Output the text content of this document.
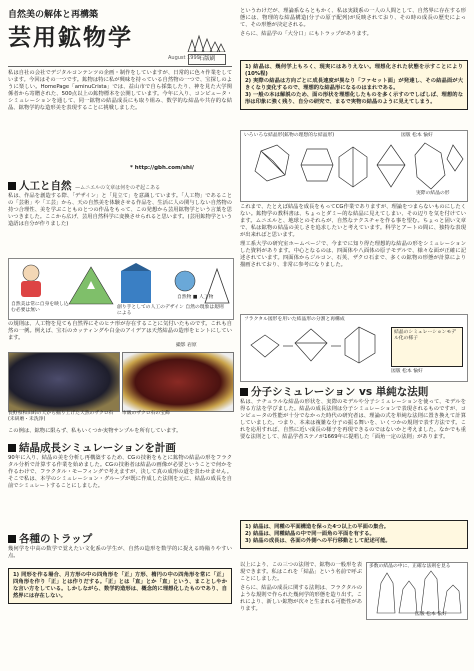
自然美の解体と再構築
芸用鉱物学
August 1999
石版刷

私は自社の会社でデジタルコンテンツの企画・制作をしていますが、日常的に色々作業をしています。今回はその一つです。鉱物は特に私が興味を持っている自然物の一つで、宝探しのように楽しい。HomePage「aminuCrista」では、益山市で自ら採集したり、神を見た大学関係者から寄贈された、500点以上の鉱物標本を公開しています。今年に入り、コンピュータ・シミュレーションを通して、同一鉱物の結晶成長にも取り組み、数学的な結晶や共存的な結晶、鉱物学的な造形美を表現することに挑戦しました。

* http://gbh.com/shi/
人工と自然 —ムニエルの文章は何をのぞ起こある

私は、作品を創造する際、「デザイン」と「見立て」を意識しています。「人工物」であることの「芸術」や「工芸」から、天の自然美を体験させる作品を、生活に人の関与しない自然物の持つ合理性、美を学ぶことものとつの作品をもって、この発想から芸用鉱物学という言葉を思いつきました。ここから広げ、芸用自然科学に変換させられると思います。(芸用鉱物学という造語は自分が作りました)

自然美は常に自身を映し込む必要は無い
創り手としての人工のデザイン 自然の現象は規則による
自然物 ■ 人工物

の規則は、人工物を見ても自然界にそのヒナ形が存在することに気付いたものです。これも自然の一例。例えば、宝石のカッティングや白金のアイデアは天然結晶の造形をヒントにしています。

撮影 岩原
長野県和田峠の天から掘り上げた天然のザクロ石(未研磨・未洗浄)
市販のザクロ石の宝飾

この例は、鉱物に限らず、私もいくつか実物サンプルを所有しています。

結晶成長シミュレーションを計画

90年に入り、結晶の美を分析し再構築するため、CGの技術をもとに鉱物の結晶の形をフラクタル分析で計算する作業を始めました。CGの技術者は結晶の画像が必要ということで何かを作るわけで、フラクタル・モーフィングで考えますが、決して真の成形の道を表わせません。そこで私は、本学のシミュレーション・グループが既に作成した法則を元に、結晶の成長を自前でシミュレートすることにしました。

各種のトラップ

幾何学を中高の数学で覚えたい文化系の学生が、自然の造形を数学的に捉える時陥りやすい点。

1) 同形を作る場合、月方形の中の四角形を「正」方形、楕円の中の四角形を常に「正」四角形を作り「正」とは作りだする。「正」とは「直」とか「直」という、まことしやかな言い方をしている。しかしながら、数学的造形は、概念的に理想化したものであり、自然界には存在しない。

というわけだが、理論系ならともかく、私は実践系の一人の人間として、自然界に存在する形態には、物理的な結晶構造(分子の原子配列)が反映されており、その時の成長の歴史によって、その形態が決定される。

さらに、結晶学の「大分口」にもトラップがあります。

1) 結晶は、幾何学上もろく、現実にはありえない。理想化された状態を示すことにより(10%程)

2) 実際の結晶は方向ごとに成長速度が異なり「ファセット面」が発達し、その結晶面が大きくなり変化するので、理想的な結晶形になるのはまれである。

3) 一般の本は解説のため、面の形状を理想化したものを多く示すのでしばしば、理想的な形は印象に強く残り、自分の研究で、まるで実物の結晶のように見えてしまう。

いろいろな結晶形(鉱物の理想的な結晶形)	図版 松本 愉好
実際の結晶の形

これまで、たとえば結晶を成長をもってCG作業でありますが、理論をつまらないものにしたくない。鉱物学の教科書は、ちょっとダミー的な結晶に見えてしまい、その辺りを気を付けています。ムニエルと、地球とのそれらが、自然なテクスチャを作る事を望む。ちょっと固い文章で、私は鉱物の結晶の美しさを追求したいと考えています。科学とアートの間に、独特な表現が出来ればと思います。

理工系大学の研究室ホームページで、今までに知り得た理想的な結晶の形をシミュレーションした資料があります。中心となるのは、四面体や八面体の原子モデルで、様々な面が正確に記述されています。四面体からジルコン、石英、ザクロ石まで、多くの鉱物の形態が計算により描画されており、非常に参考になりました。

フラクタル図形を用いた結晶形の分割と再構成
結晶のシミュレーションモデル化の様子
図版 松本 愉好
分子シミュレーション vs 単純な法則

私は、ナチュラルな結晶の形状を、実際のモデルや分子シミュレーションを使って、モデルを得る方法を学びました。結晶の成長法則は分子シミュレーションで表現されるものですが、コンピュータの性能が十分でなかった時代の研究者は、理論の式を単純な法則に置き換えて計算していました。つまり、本来は複雑な分子の振る舞いを、いくつかの規則で表す方法です。これを応用すれば、自然に近い成長の様子を再現できるのではないかと考えました。なかでも重要な法則として、結晶学者ステノが1669年に提唱した「面角一定の法則」があります。

1) 結晶は、同種の平面構造を保った4つ以上の平面の集合。

2) 結晶は、同種結晶の中で同一面角の平面を有する。

3) 結晶の成長は、各面の外側への平行移動として記述可能。

以上により、この三つの法則で、鉱物の一般形を表現できます。私はこれを「結晶」という名前で呼ぶことにしました。

さらに、結晶の成長に関する法則は、フラクタルのような規則で作られた幾何学的形態を造り出す。これにより、新しい鉱物が次々と生まれる可能性があります。

多数の結晶の中に、正確な法則を見る
図版 松本 愉好
